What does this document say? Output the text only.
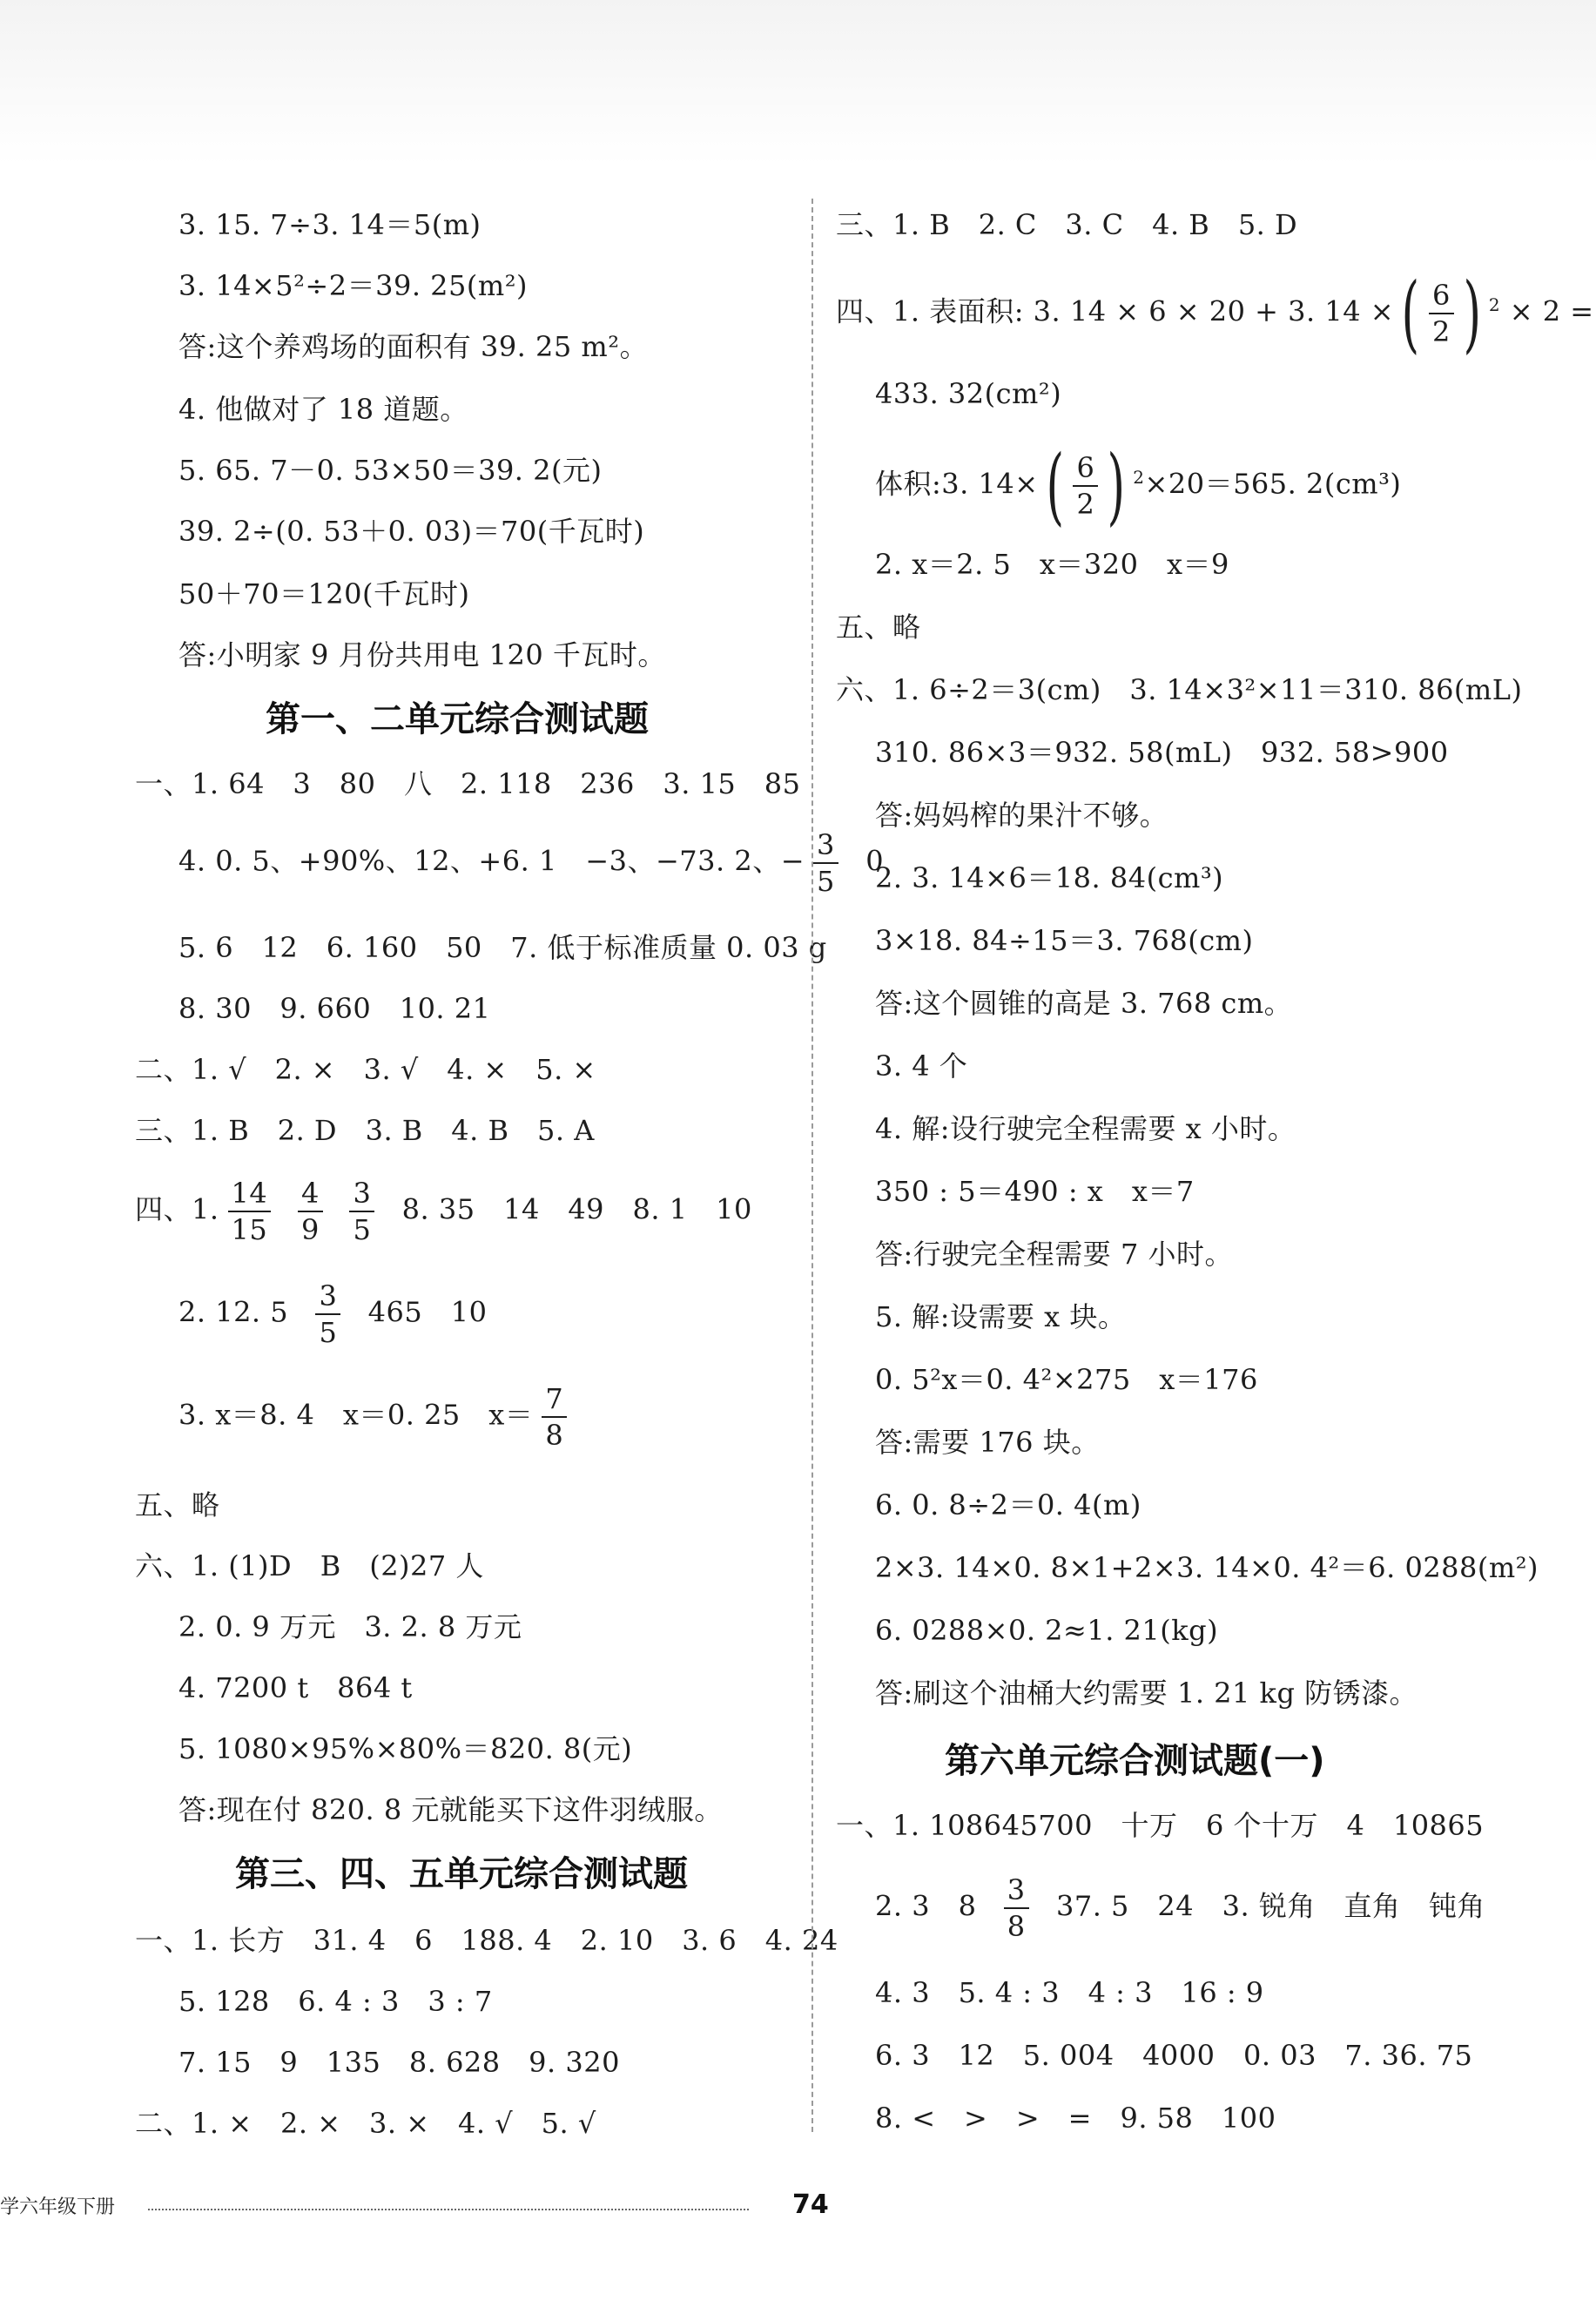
3. 15. 7÷3. 14＝5(m)
3. 14×5²÷2＝39. 25(m²)
答:这个养鸡场的面积有 39. 25 m²。
4. 他做对了 18 道题。
5. 65. 7－0. 53×50＝39. 2(元)
39. 2÷(0. 53＋0. 03)＝70(千瓦时)
50＋70＝120(千瓦时)
答:小明家 9 月份共用电 120 千瓦时。
第一、二单元综合测试题
一、1. 64　3　80　八　2. 118　236　3. 15　85
4. 0. 5、+90%、12、+6. 1　−3、−73. 2、− $\frac{3}{5} 0$
5. 6　12　6. 160　50　7. 低于标准质量 0. 03 g
8. 30　9. 660　10. 21
二、1. √　2. ×　3. √　4. ×　5. ×
三、1. B　2. D　3. B　4. B　5. A
四、1. $\frac{14}{15}$
$\frac{4}{9}$
$\frac{3}{5} 8$. 35　14　49　8. 1　10
2. 12. $5 \frac{3}{5} 465$　10
3. x＝8. 4　x＝0. 25　$x= \frac{7}{8}$
五、略
六、1. (1)D　B　(2)27 人
2. 0. 9 万元　3. 2. 8 万元
4. 7200 t　864 t
5. 1080×95%×80%＝820. 8(元)
答:现在付 820. 8 元就能买下这件羽绒服。
第三、四、五单元综合测试题
一、1. 长方　31. 4　6　188. 4　2. 10　3. 6　4. 24
5. 128　6. 4 : 3　3 : 7
7. 15　9　135　8. 628　9. 320
二、1. ×　2. ×　3. ×　4. √　5. √
三、1. B　2. C　3. C　4. B　5. D
四、1. 表面积: 3. 14 × 6 × 20 + 3. 14 ×( $\frac{6}{2}$ ) $^2$ × 2 =
433. 32(cm²)
体积:3. $14\times( \frac{6}{2}$ ) $^2$×20＝565. 2(cm³)
2. x＝2. 5　x＝320　x＝9
五、略
六、1. 6÷2＝3(cm)　3. 14×3²×11＝310. 86(mL)
310. 86×3＝932. 58(mL)　932. 58>900
答:妈妈榨的果汁不够。
2. 3. 14×6＝18. 84(cm³)
3×18. 84÷15＝3. 768(cm)
答:这个圆锥的高是 3. 768 cm。
3. 4 个
4. 解:设行驶完全程需要 x 小时。
350 : 5＝490 : x　x＝7
答:行驶完全程需要 7 小时。
5. 解:设需要 x 块。
0. 5²x＝0. 4²×275　x＝176
答:需要 176 块。
6. 0. 8÷2＝0. 4(m)
2×3. 14×0. 8×1+2×3. 14×0. 4²＝6. 0288(m²)
6. 0288×0. 2≈1. 21(kg)
答:刷这个油桶大约需要 1. 21 kg 防锈漆。
第六单元综合测试题(一)
一、1. 108645700　十万　6 个十万　4　10865
2. 3　$8 \frac{3}{8} 37$. 5　24　3. 锐角　直角　钝角
4. 3　5. 4 : 3　4 : 3　16 : 9
6. 3　12　5. 004　4000　0. 03　7. 36. 75
8. <　>　>　=　9. 58　100
学六年级下册	74
